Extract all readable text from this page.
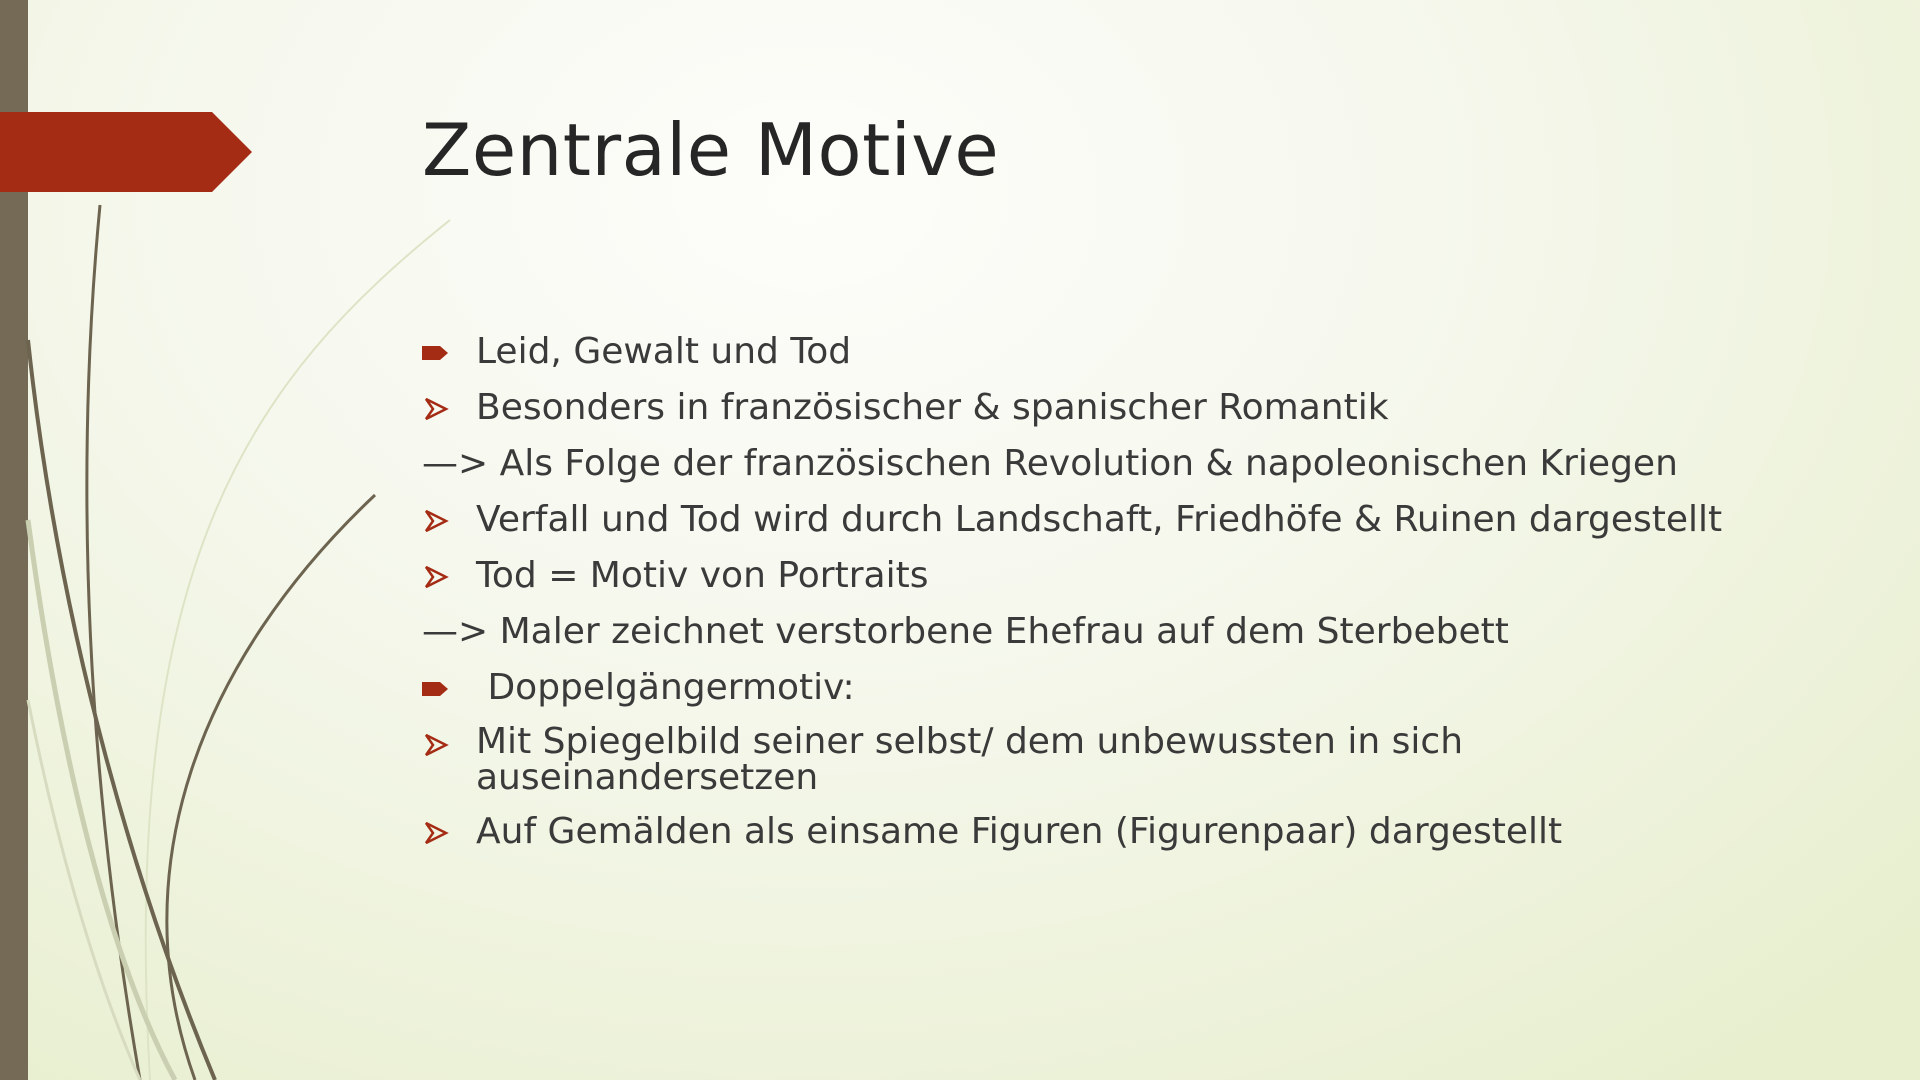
Zentrale Motive
Leid, Gewalt und Tod
Besonders in französischer & spanischer Romantik
—> Als Folge der französischen Revolution & napoleonischen Kriegen
Verfall und Tod wird durch Landschaft, Friedhöfe & Ruinen dargestellt
Tod = Motiv von Portraits
—> Maler zeichnet verstorbene Ehefrau auf dem Sterbebett
Doppelgängermotiv:
Mit Spiegelbild seiner selbst/ dem unbewussten in sich auseinandersetzen
Auf Gemälden als einsame Figuren (Figurenpaar) dargestellt
